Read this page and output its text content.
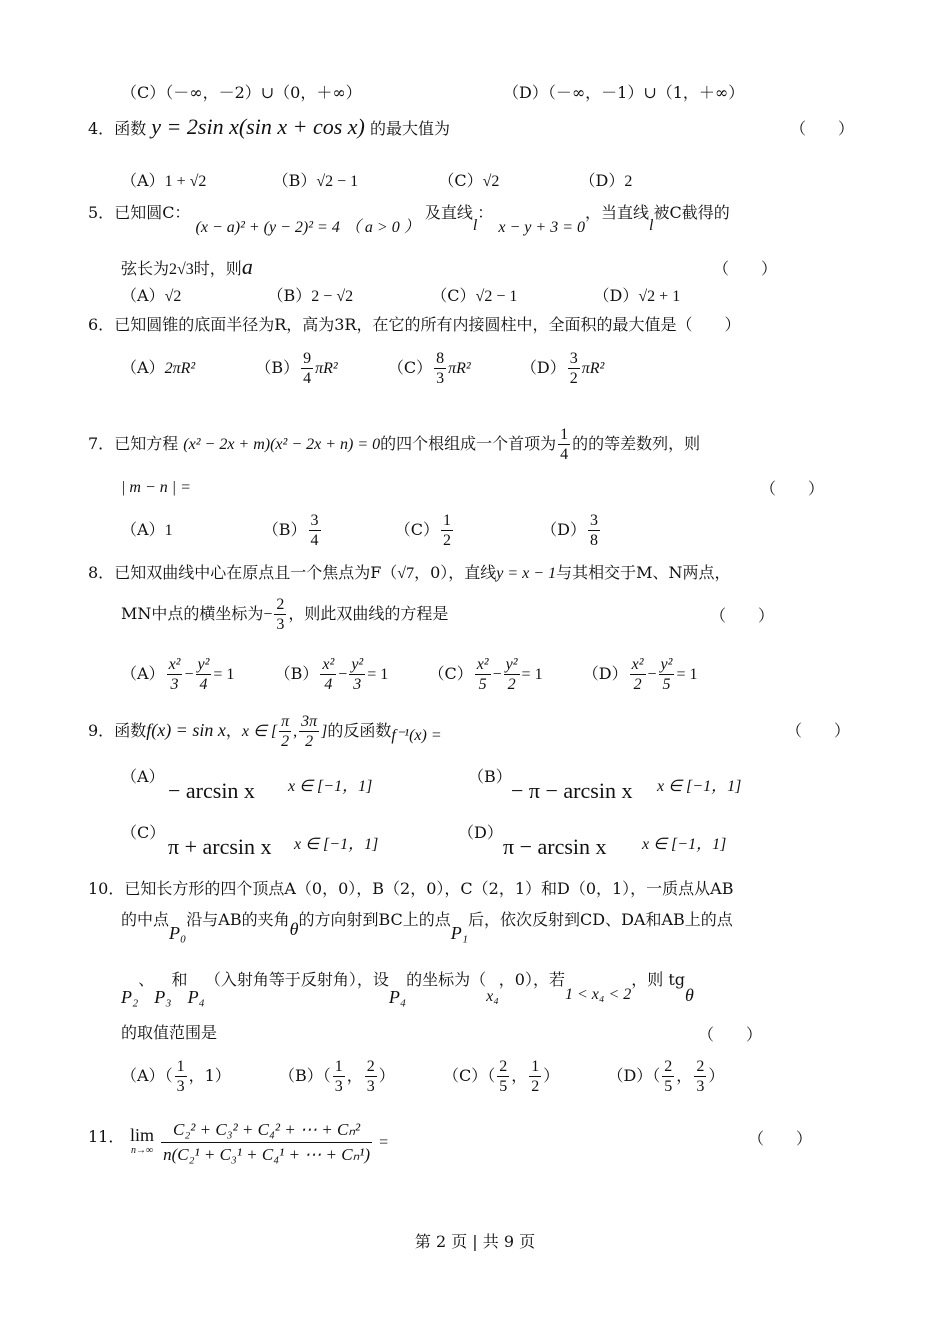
（C）（－∞，－2）∪（0，＋∞）	（D）（－∞，－1）∪（1，＋∞）
4．函数 y = 2sin x(sin x + cos x) 的最大值为	（　　）
（A）1 + √2	（B）√2 − 1	（C）√2	（D）2
5．已知圆C： (x − a)² + (y − 2)² = 4 （ a > 0 ） 及直线l： x − y + 3 = 0，当直线l被C截得的
弦长为2√3时，则a	（　　）
（A）√2	（B）2 − √2	（C）√2 − 1	（D）√2 + 1
6．已知圆锥的底面半径为R，高为3R，在它的所有内接圆柱中，全面积的最大值是（　　）
（A）2πR²	$(B) \frac{9}{4} \pi R^2$	$(C) \frac{8}{3} \pi R^2$	$(D) \frac{3}{2} \pi R^2$
7．已知方程 (x² − 2x + m)(x² − 2x + n) = 0的四个根组成一个首项为 $\frac{1}{4}$ 的的等差数列，则
| m − n | =	（　　）
（A）1	$(B) \frac{3}{4}$	$(C) \frac{1}{2}$	$(D) \frac{3}{8}$
8．已知双曲线中心在原点且一个焦点为F（√7，0），直线y = x − 1与其相交于M、N两点，
MN中点的横坐标为− $\frac{2}{3}$ ，则此双曲线的方程是	（　　）
$(A) \frac{\text{x²}}{3} - \frac{\text{y²}}{4} = 1$	$(B) \frac{\text{x²}}{4} - \frac{\text{y²}}{3} = 1$	$(C) \frac{\text{x²}}{5} - \frac{\text{y²}}{2} = 1$	$(D) \frac{\text{x²}}{2} - \frac{\text{y²}}{5} = 1$
9．函数f(x) = sin x，x ∈ [ $\frac{\pi}{2}$ , $\frac{3\pi}{2}$ ]的反函数f⁻¹(x) =	（　　）
（A）
− arcsin x x ∈ [−1，1]
（B）
− π − arcsin x x ∈ [−1，1]
（C）
π + arcsin x x ∈ [−1，1]
（D）
π − arcsin x x ∈ [−1，1]
10．已知长方形的四个顶点A（0，0），B（2，0），C（2，1）和D（0，1），一质点从AB
的中点P₀沿与AB的夹角θ的方向射到BC上的点P₁后，依次反射到CD、DA和AB上的点
P₂、P₃和P₄（入射角等于反射角），设P₄的坐标为（x₄，0），若1 < x₄ < 2，则 tgθ
的取值范围是	（　　）
$(A)( \frac{1}{3}$ ，1）	$(B)( \frac{1}{3}$ ， $\frac{2}{3}$ ）	$(C)( \frac{2}{5}$ ， $\frac{1}{2}$ ）	$(D)( \frac{2}{5}$ ， $\frac{2}{3}$ ）
11． lim
n→∞
$\frac{\text{C₂² + C₃² + C₄² + ⋯ + Cₙ²}}{\text{n(C₂¹ + C₃¹ + C₄¹ + ⋯ + Cₙ¹)}}$ =	（　　）
第 2 页 | 共 9 页
